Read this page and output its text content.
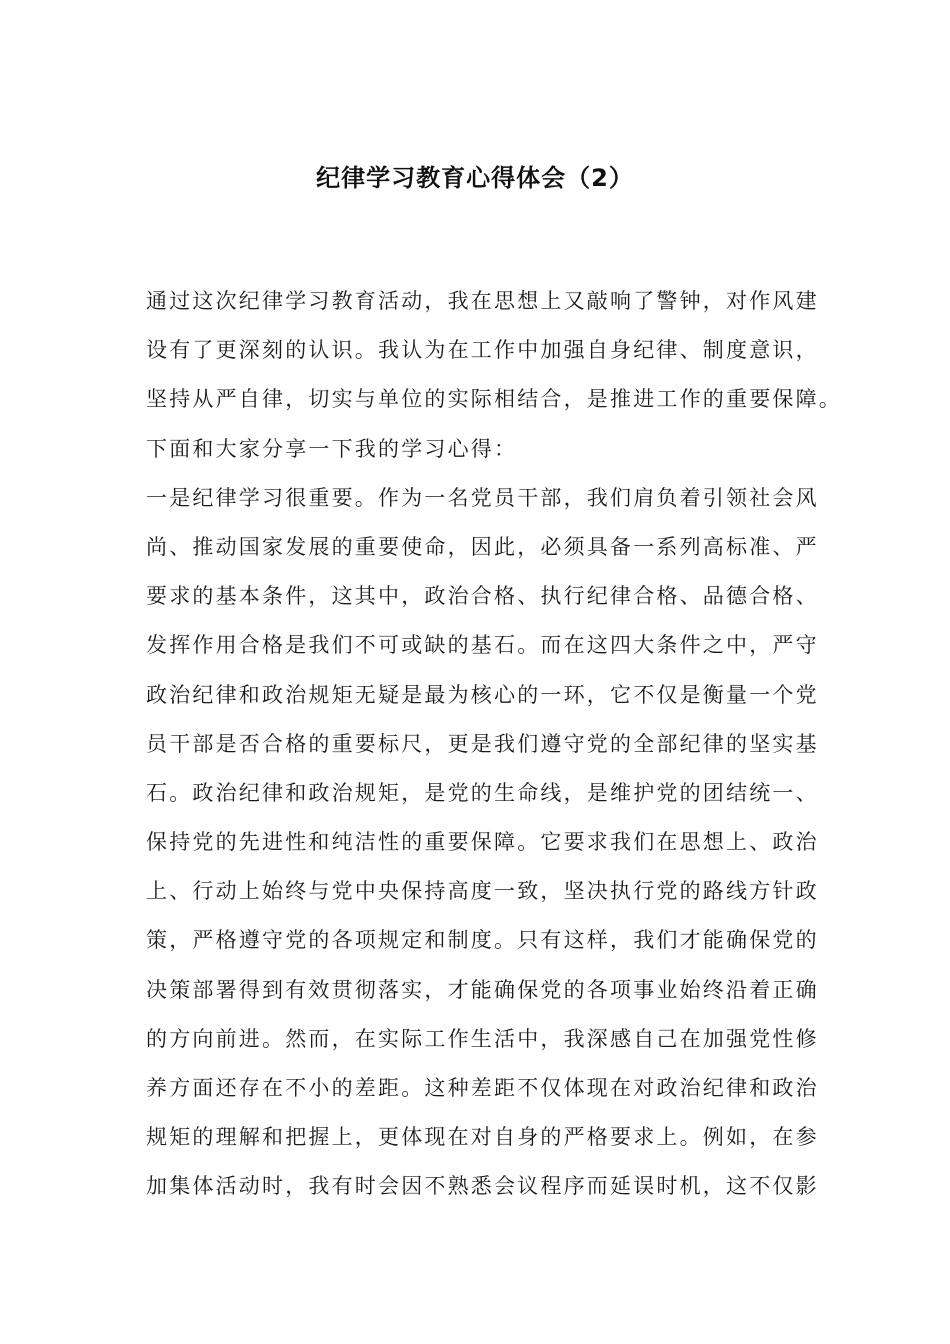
纪律学习教育心得体会（2）
通过这次纪律学习教育活动，我在思想上又敲响了警钟，对作风建
设有了更深刻的认识。我认为在工作中加强自身纪律、制度意识，
坚持从严自律，切实与单位的实际相结合，是推进工作的重要保障。
下面和大家分享一下我的学习心得：
一是纪律学习很重要。作为一名党员干部，我们肩负着引领社会风
尚、推动国家发展的重要使命，因此，必须具备一系列高标准、严
要求的基本条件，这其中，政治合格、执行纪律合格、品德合格、
发挥作用合格是我们不可或缺的基石。而在这四大条件之中，严守
政治纪律和政治规矩无疑是最为核心的一环，它不仅是衡量一个党
员干部是否合格的重要标尺，更是我们遵守党的全部纪律的坚实基
石。政治纪律和政治规矩，是党的生命线，是维护党的团结统一、
保持党的先进性和纯洁性的重要保障。它要求我们在思想上、政治
上、行动上始终与党中央保持高度一致，坚决执行党的路线方针政
策，严格遵守党的各项规定和制度。只有这样，我们才能确保党的
决策部署得到有效贯彻落实，才能确保党的各项事业始终沿着正确
的方向前进。然而，在实际工作生活中，我深感自己在加强党性修
养方面还存在不小的差距。这种差距不仅体现在对政治纪律和政治
规矩的理解和把握上，更体现在对自身的严格要求上。例如，在参
加集体活动时，我有时会因不熟悉会议程序而延误时机，这不仅影
